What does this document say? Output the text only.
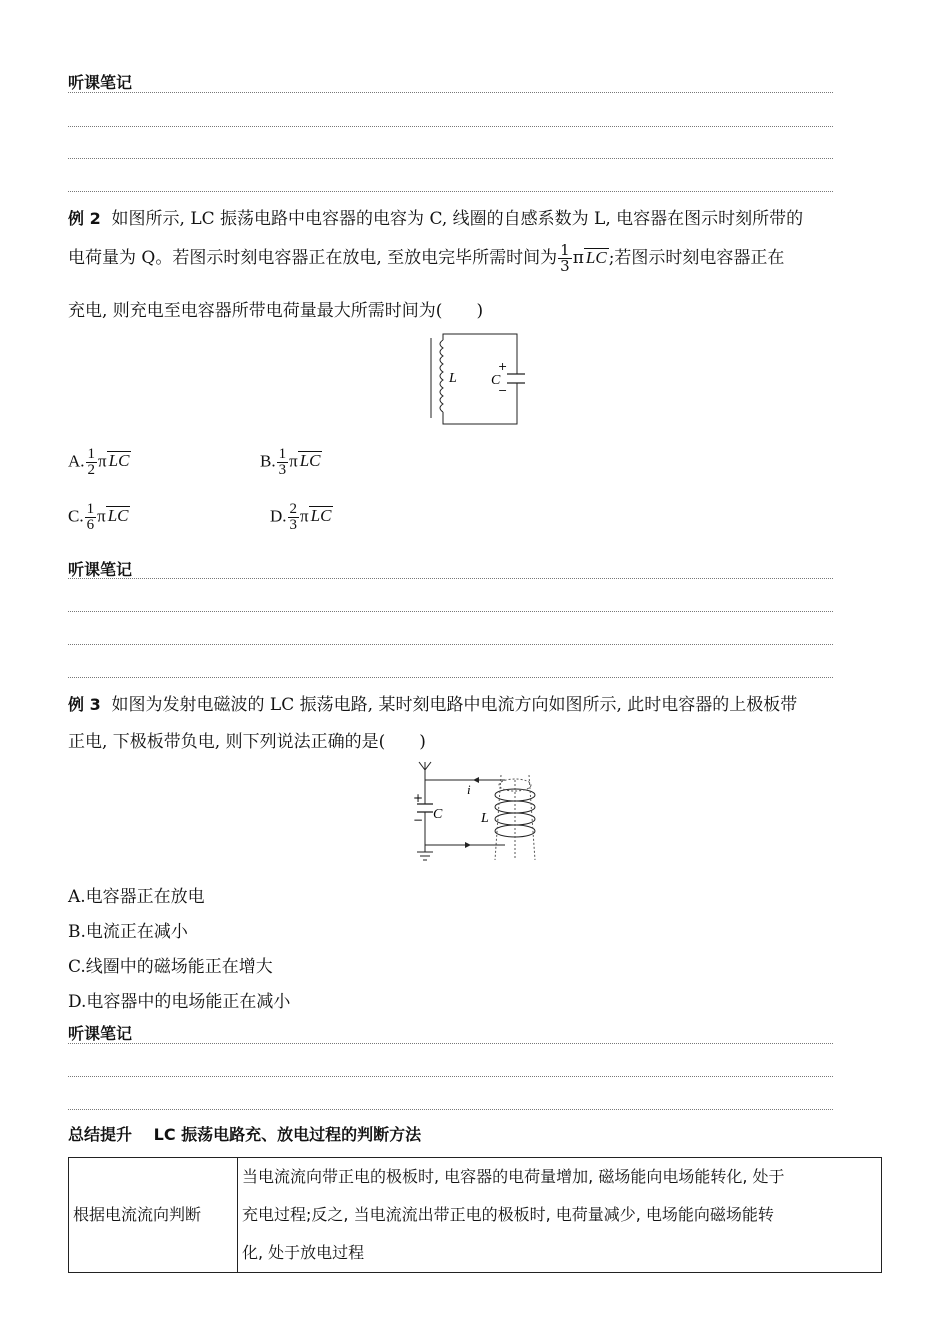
听课笔记
例 2 如图所示, LC 振荡电路中电容器的电容为 C, 线圈的自感系数为 L, 电容器在图示时刻所带的
电荷量为 Q。若图示时刻电容器正在放电, 至放电完毕所需时间为 $\frac{1}{3}$ π LC ;若图示时刻电容器正在
充电, 则充电至电容器所带电荷量最大所需时间为(　　)
L C
+
−
A. $\frac{1}{2}$ π LC	B. $\frac{1}{3}$ π LC
C. $\frac{1}{6}$ π LC	D. $\frac{2}{3}$ π LC
听课笔记
例 3 如图为发射电磁波的 LC 振荡电路, 某时刻电路中电流方向如图所示, 此时电容器的上极板带
正电, 下极板带负电, 则下列说法正确的是(　　)
i
C	L
+
−
A.电容器正在放电
B.电流正在减小
C.线圈中的磁场能正在增大
D.电容器中的电场能正在减小
听课笔记
总结提升 LC 振荡电路充、放电过程的判断方法
根据电流流向判断	
当电流流向带正电的极板时, 电容器的电荷量增加, 磁场能向电场能转化, 处于
充电过程;反之, 当电流流出带正电的极板时, 电荷量减少, 电场能向磁场能转
化, 处于放电过程
